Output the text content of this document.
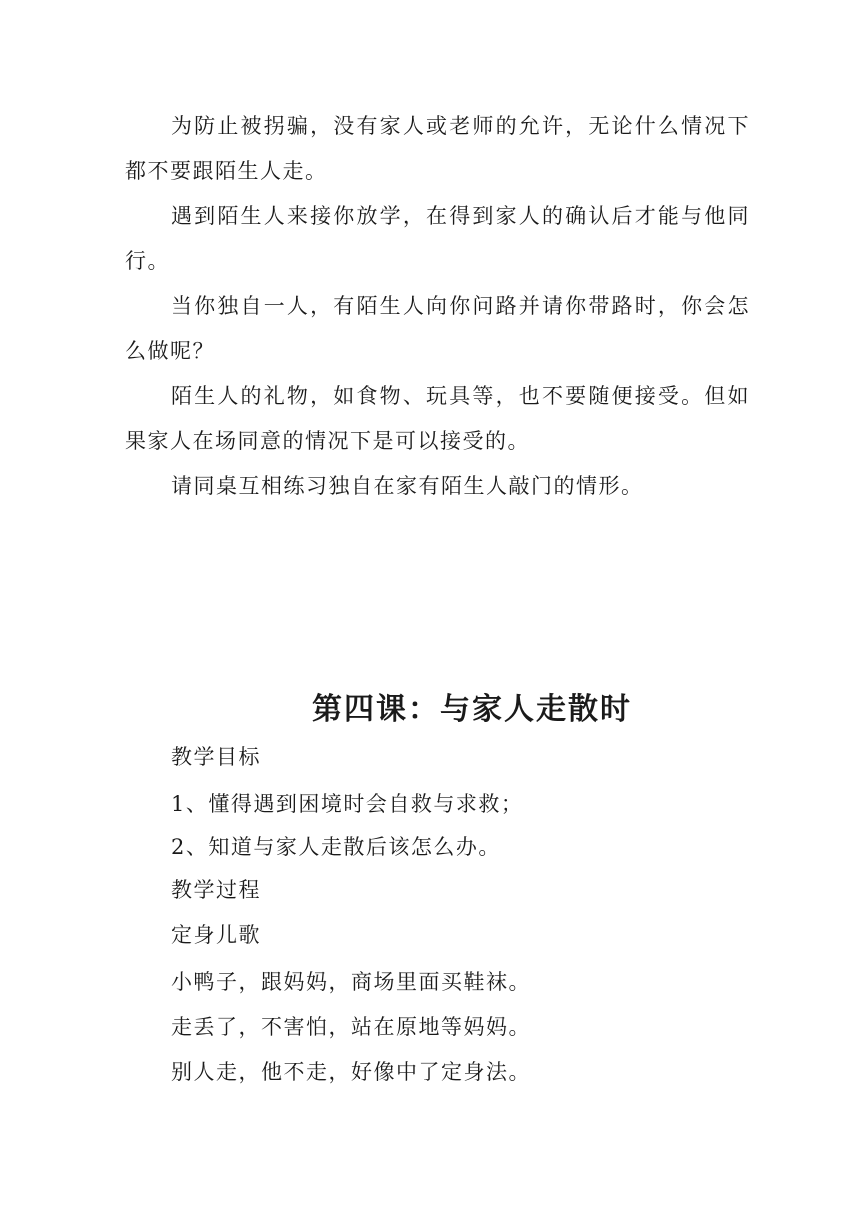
为防止被拐骗，没有家人或老师的允许，无论什么情况下都不要跟陌生人走。

遇到陌生人来接你放学，在得到家人的确认后才能与他同行。

当你独自一人，有陌生人向你问路并请你带路时，你会怎么做呢？

陌生人的礼物，如食物、玩具等，也不要随便接受。但如果家人在场同意的情况下是可以接受的。

请同桌互相练习独自在家有陌生人敲门的情形。

第四课：与家人走散时

教学目标

1、懂得遇到困境时会自救与求救；

2、知道与家人走散后该怎么办。

教学过程

定身儿歌

小鸭子，跟妈妈，商场里面买鞋袜。

走丢了，不害怕，站在原地等妈妈。

别人走，他不走，好像中了定身法。
